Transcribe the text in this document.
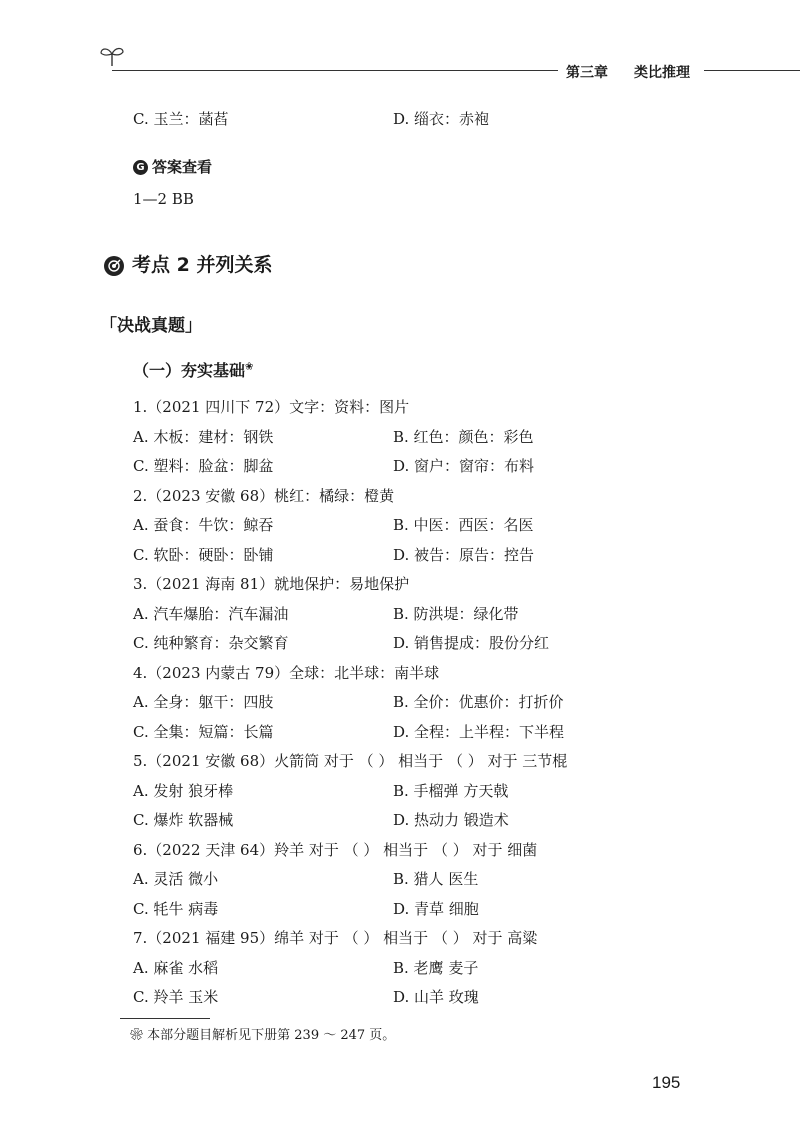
第三章 类比推理
C. 玉兰：菡萏	D. 缁衣：赤袍
G 答案查看
1—2 BB
考点 2 并列关系
「决战真题」
（一）夯实基础❀
1.（2021 四川下 72）文字：资料：图片
A. 木板：建材：钢铁	B. 红色：颜色：彩色
C. 塑料：脸盆：脚盆	D. 窗户：窗帘：布料
2.（2023 安徽 68）桃红：橘绿：橙黄
A. 蚕食：牛饮：鲸吞	B. 中医：西医：名医
C. 软卧：硬卧：卧铺	D. 被告：原告：控告
3.（2021 海南 81）就地保护：易地保护
A. 汽车爆胎：汽车漏油	B. 防洪堤：绿化带
C. 纯种繁育：杂交繁育	D. 销售提成：股份分红
4.（2023 内蒙古 79）全球：北半球：南半球
A. 全身：躯干：四肢	B. 全价：优惠价：打折价
C. 全集：短篇：长篇	D. 全程：上半程：下半程
5.（2021 安徽 68）火箭筒 对于 （ ） 相当于 （ ） 对于 三节棍
A. 发射 狼牙棒	B. 手榴弹 方天戟
C. 爆炸 软器械	D. 热动力 锻造术
6.（2022 天津 64）羚羊 对于 （ ） 相当于 （ ） 对于 细菌
A. 灵活 微小	B. 猎人 医生
C. 牦牛 病毒	D. 青草 细胞
7.（2021 福建 95）绵羊 对于 （ ） 相当于 （ ） 对于 高粱
A. 麻雀 水稻	B. 老鹰 麦子
C. 羚羊 玉米	D. 山羊 玫瑰
❀ 本部分题目解析见下册第 239 ～ 247 页。
195
